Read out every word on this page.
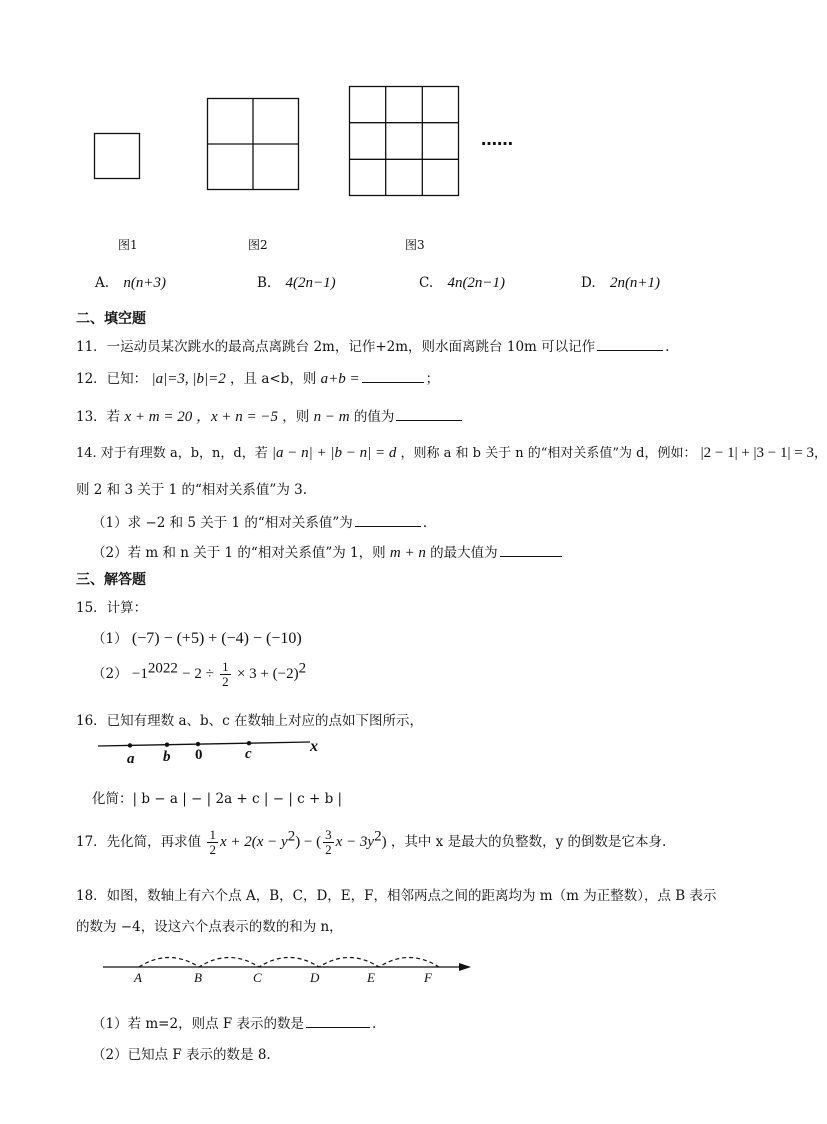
……
图1	图2	图3
A. n(n+3)	B. 4(2n−1)	C. 4n(2n−1)	D. 2n(n+1)
二、填空题
11．一运动员某次跳水的最高点离跳台 2m，记作+2m，则水面离跳台 10m 可以记作	.
12．已知： |a|=3, |b|=2 ，且 a<b，则 a+b =	；
13．若 x + m = 20 ，x + n = −5 ，则 n − m 的值为
14. 对于有理数 a，b，n，d，若 |a − n| + |b − n| = d ，则称 a 和 b 关于 n 的“相对关系值”为 d，例如： |2 − 1| + |3 − 1| = 3，
则 2 和 3 关于 1 的“相对关系值”为 3.
（1）求 −2 和 5 关于 1 的“相对关系值”为	.
（2）若 m 和 n 关于 1 的“相对关系值”为 1，则 m + n 的最大值为
三、解答题
15．计算：
（1） (−7) − (+5) + (−4) − (−10)
$(2) -1^{2022} - 2 \div \frac{1}{2} \times 3 + (-2)^2$
16．已知有理数 a、b、c 在数轴上对应的点如下图所示，
a b 0	c	x
化简：| b − a | − | 2a + c | − | c + b |
17．先化简，再求值 $\frac{1}{2}$ $x + 2(x - y^2)$ − ( $\frac{3}{2}$ $x - 3y^2$) ，其中 x 是最大的负整数，y 的倒数是它本身.
18．如图，数轴上有六个点 A，B，C，D，E，F，相邻两点之间的距离均为 m（m 为正整数），点 B 表示
的数为 −4，设这六个点表示的数的和为 n，
A	B	C	D	E	F
（1）若 m=2，则点 F 表示的数是	.
（2）已知点 F 表示的数是 8.
